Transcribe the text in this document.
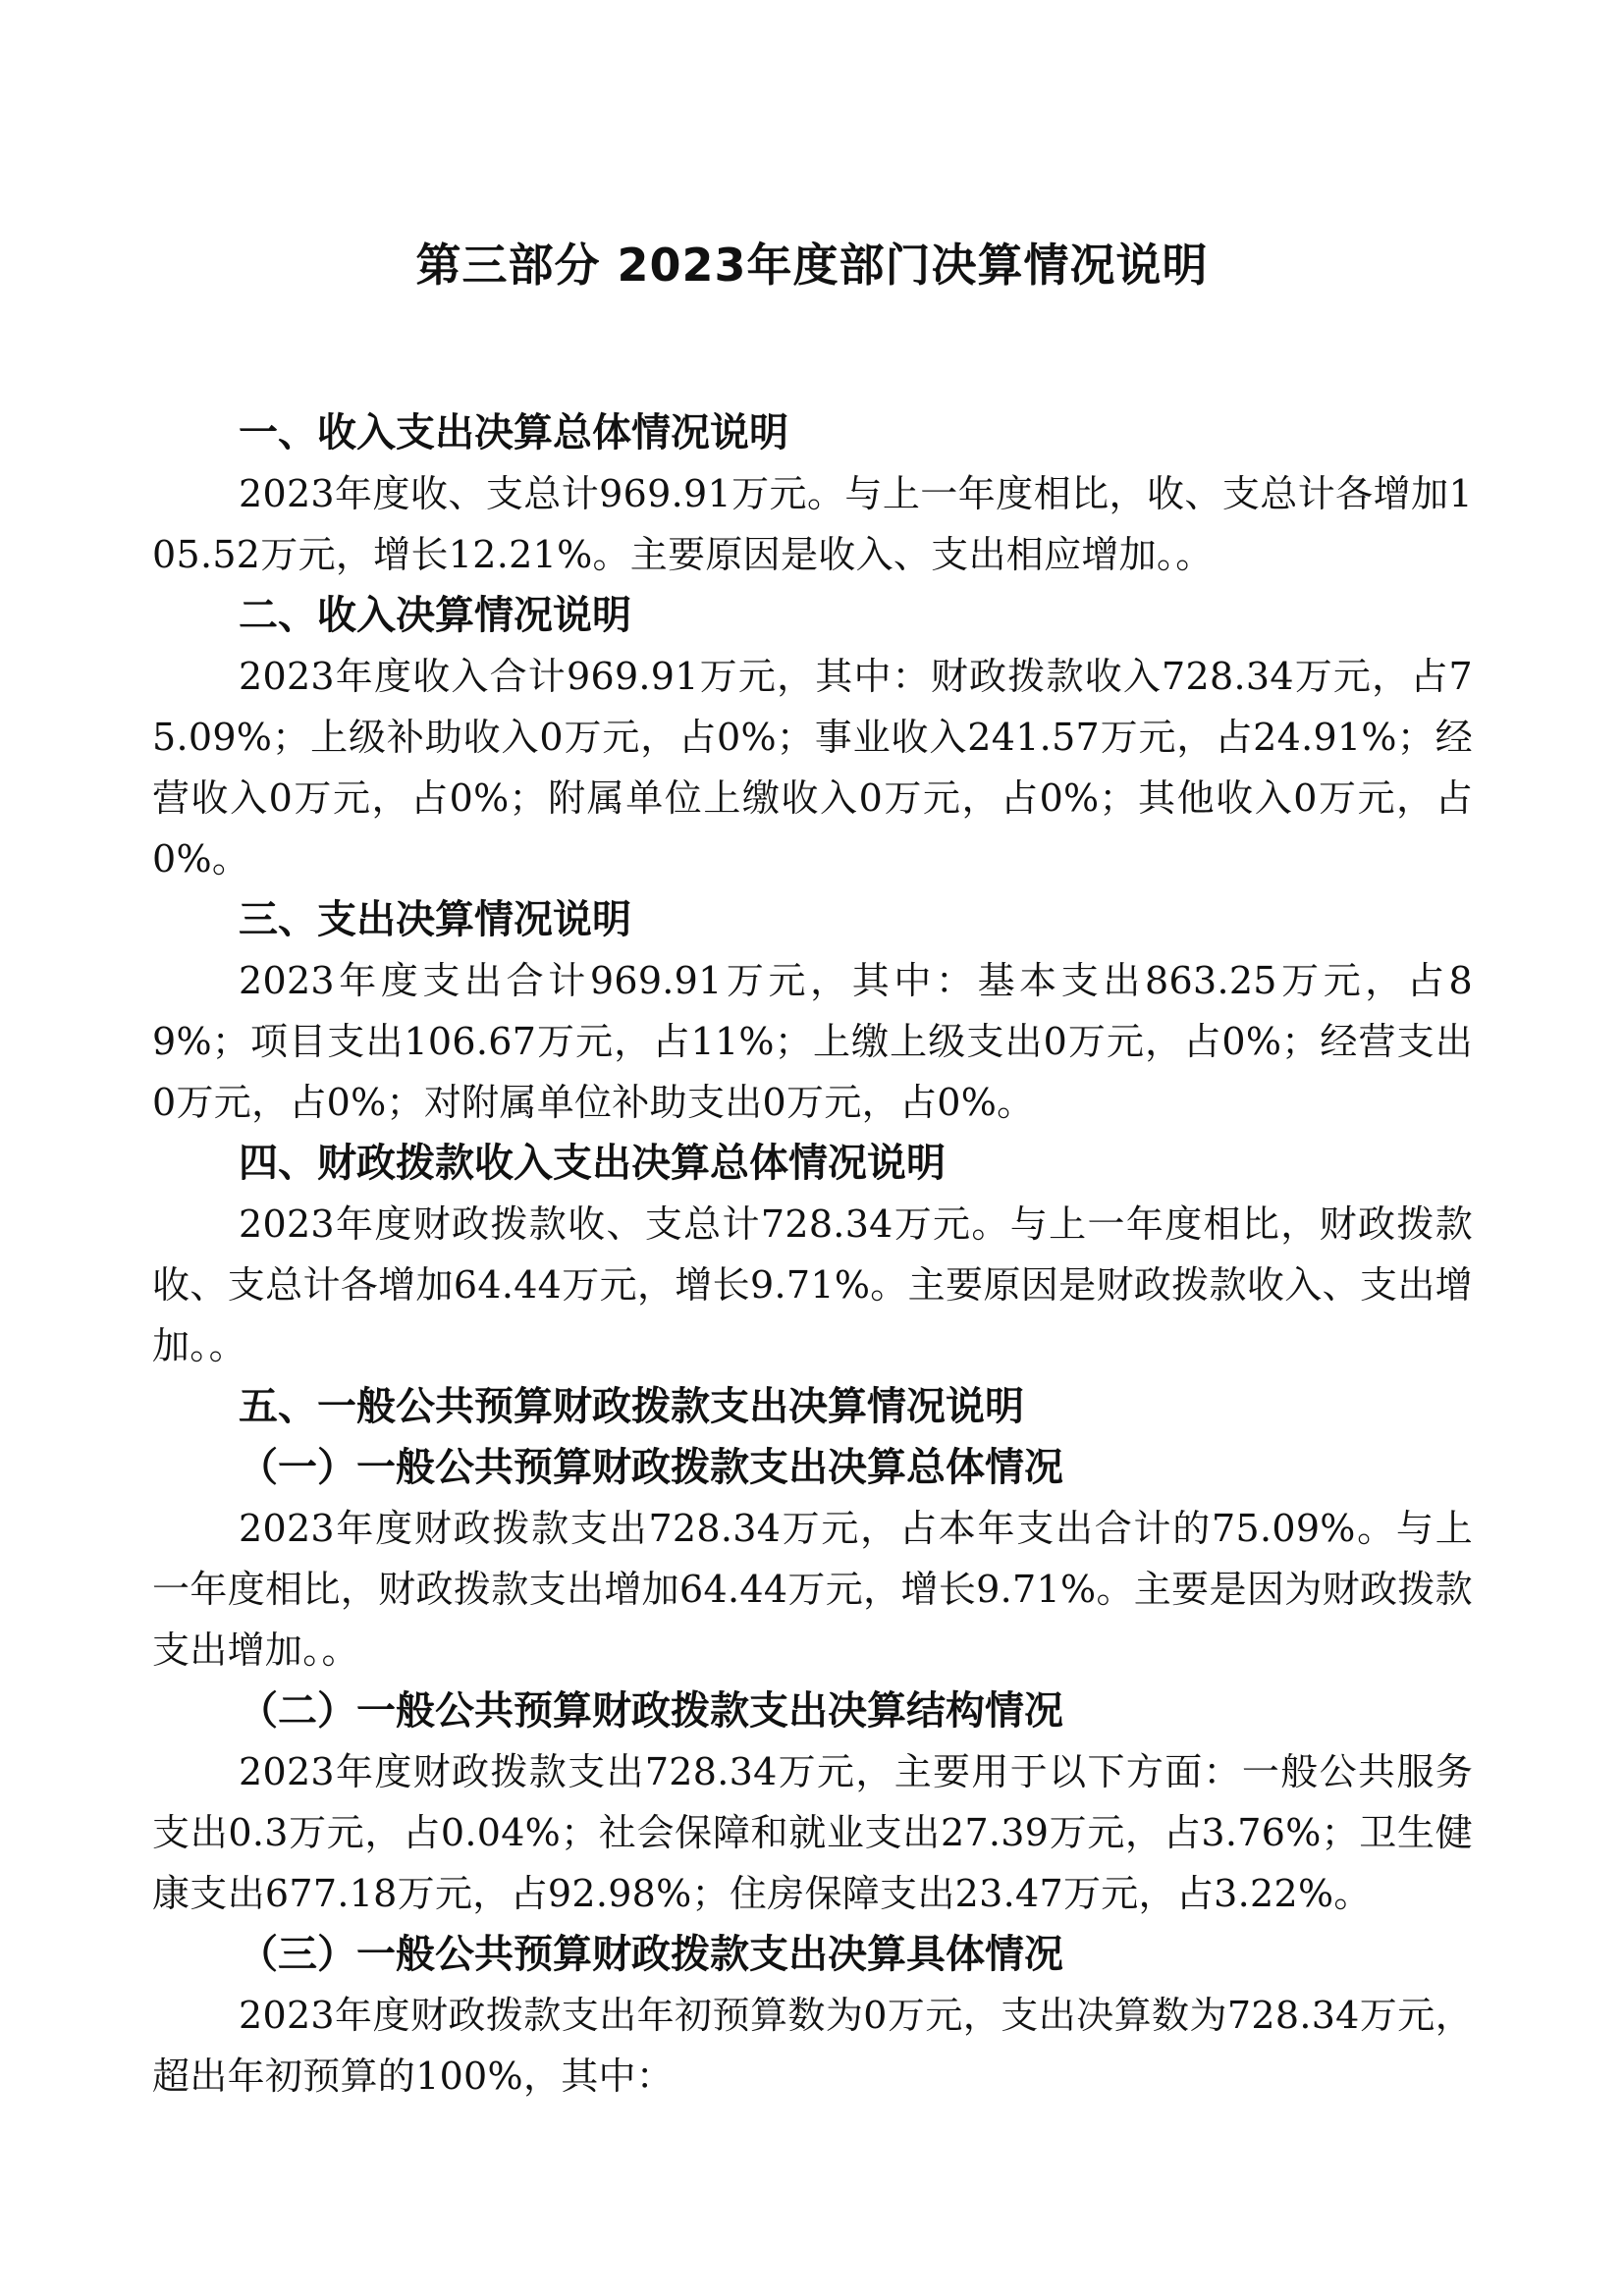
第三部分 2023年度部门决算情况说明
一、收入支出决算总体情况说明

2023年度收、支总计969.91万元。与上一年度相比，收、支总计各增加105.52万元，增长12.21%。主要原因是收入、支出相应增加。。

二、收入决算情况说明

2023年度收入合计969.91万元，其中：财政拨款收入728.34万元，占75.09%；上级补助收入0万元，占0%；事业收入241.57万元，占24.91%；经营收入0万元，占0%；附属单位上缴收入0万元，占0%；其他收入0万元，占0%。

三、支出决算情况说明

2023年度支出合计969.91万元，其中：基本支出863.25万元，占89%；项目支出106.67万元，占11%；上缴上级支出0万元，占0%；经营支出0万元，占0%；对附属单位补助支出0万元，占0%。

四、财政拨款收入支出决算总体情况说明

2023年度财政拨款收、支总计728.34万元。与上一年度相比，财政拨款收、支总计各增加64.44万元，增长9.71%。主要原因是财政拨款收入、支出增加。。

五、一般公共预算财政拨款支出决算情况说明
（一）一般公共预算财政拨款支出决算总体情况

2023年度财政拨款支出728.34万元，占本年支出合计的75.09%。与上一年度相比，财政拨款支出增加64.44万元，增长9.71%。主要是因为财政拨款支出增加。。

（二）一般公共预算财政拨款支出决算结构情况

2023年度财政拨款支出728.34万元，主要用于以下方面：一般公共服务支出0.3万元，占0.04%；社会保障和就业支出27.39万元，占3.76%；卫生健康支出677.18万元，占92.98%；住房保障支出23.47万元，占3.22%。

（三）一般公共预算财政拨款支出决算具体情况

2023年度财政拨款支出年初预算数为0万元，支出决算数为728.34万元，超出年初预算的100%，其中：
